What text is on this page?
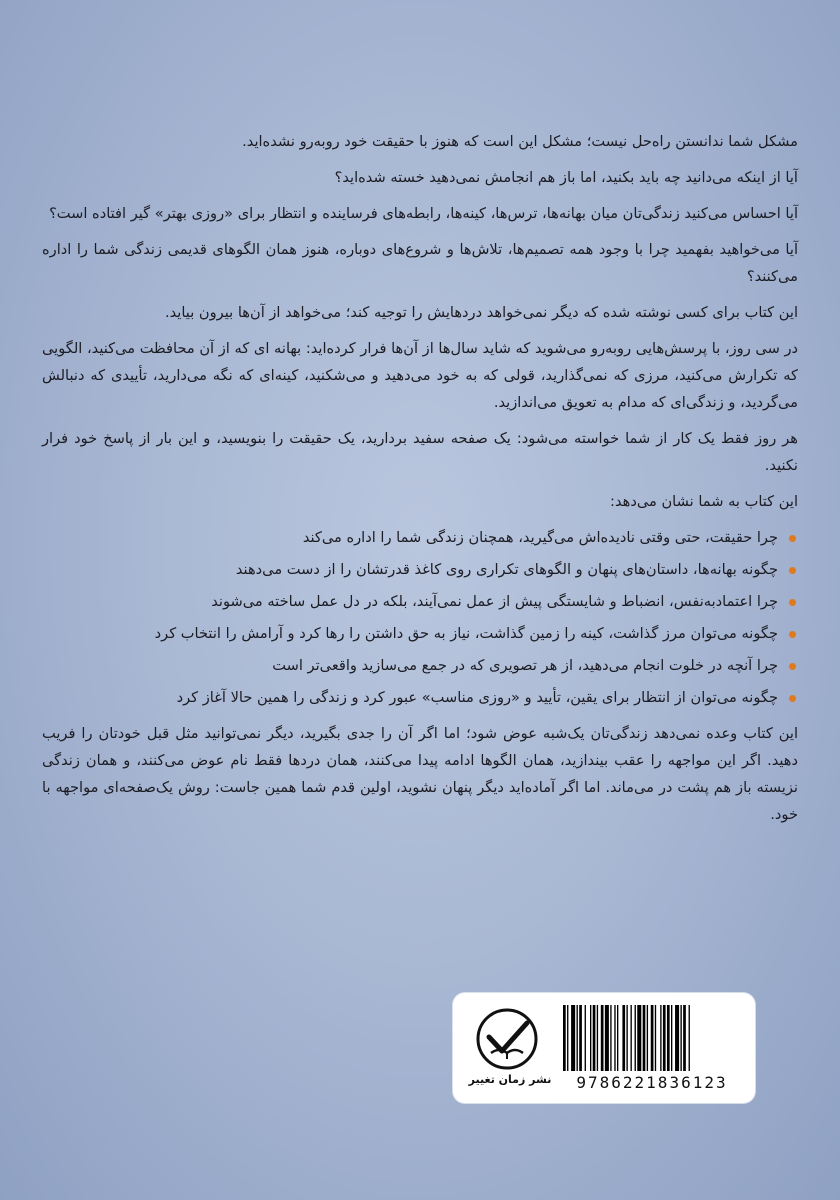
مشکل شما ندانستن راه‌حل نیست؛ مشکل این است که هنوز با حقیقت خود روبه‌رو نشده‌اید.

آیا از اینکه می‌دانید چه باید بکنید، اما باز هم انجامش نمی‌دهید خسته شده‌اید؟

آیا احساس می‌کنید زندگی‌تان میان بهانه‌ها، ترس‌ها، کینه‌ها، رابطه‌های فرساینده و انتظار برای «روزی بهتر» گیر افتاده است؟

آیا می‌خواهید بفهمید چرا با وجود همه تصمیم‌ها، تلاش‌ها و شروع‌های دوباره، هنوز همان الگوهای قدیمی زندگی شما را اداره می‌کنند؟

این کتاب برای کسی نوشته شده که دیگر نمی‌خواهد دردهایش را توجیه کند؛ می‌خواهد از آن‌ها بیرون بیاید.

در سی روز، با پرسش‌هایی روبه‌رو می‌شوید که شاید سال‌ها از آن‌ها فرار کرده‌اید: بهانه ای که از آن محافظت می‌کنید، الگویی که تکرارش می‌کنید، مرزی که نمی‌گذارید، قولی که به خود می‌دهید و می‌شکنید، کینه‌ای که نگه می‌دارید، تأییدی که دنبالش می‌گردید، و زندگی‌ای که مدام به تعویق می‌اندازید.

هر روز فقط یک کار از شما خواسته می‌شود: یک صفحه سفید بردارید، یک حقیقت را بنویسید، و این بار از پاسخ خود فرار نکنید.

این کتاب به شما نشان می‌دهد:

چرا حقیقت، حتی وقتی نادیده‌اش می‌گیرید، همچنان زندگی شما را اداره می‌کند
چگونه بهانه‌ها، داستان‌های پنهان و الگوهای تکراری روی کاغذ قدرتشان را از دست می‌دهند
چرا اعتمادبه‌نفس، انضباط و شایستگی پیش از عمل نمی‌آیند، بلکه در دل عمل ساخته می‌شوند
چگونه می‌توان مرز گذاشت، کینه را زمین گذاشت، نیاز به حق داشتن را رها کرد و آرامش را انتخاب کرد
چرا آنچه در خلوت انجام می‌دهید، از هر تصویری که در جمع می‌سازید واقعی‌تر است
چگونه می‌توان از انتظار برای یقین، تأیید و «روزی مناسب» عبور کرد و زندگی را همین حالا آغاز کرد

این کتاب وعده نمی‌دهد زندگی‌تان یک‌شبه عوض شود؛ اما اگر آن را جدی بگیرید، دیگر نمی‌توانید مثل قبل خودتان را فریب دهید. اگر این مواجهه را عقب بیندازید، همان الگوها ادامه پیدا می‌کنند، همان دردها فقط نام عوض می‌کنند، و همان زندگی نزیسته باز هم پشت در می‌ماند. اما اگر آماده‌اید دیگر پنهان نشوید، اولین قدم شما همین جاست: روش یک‌صفحه‌ای مواجهه با خود.

نشر زمان تغییر	9786221836123
